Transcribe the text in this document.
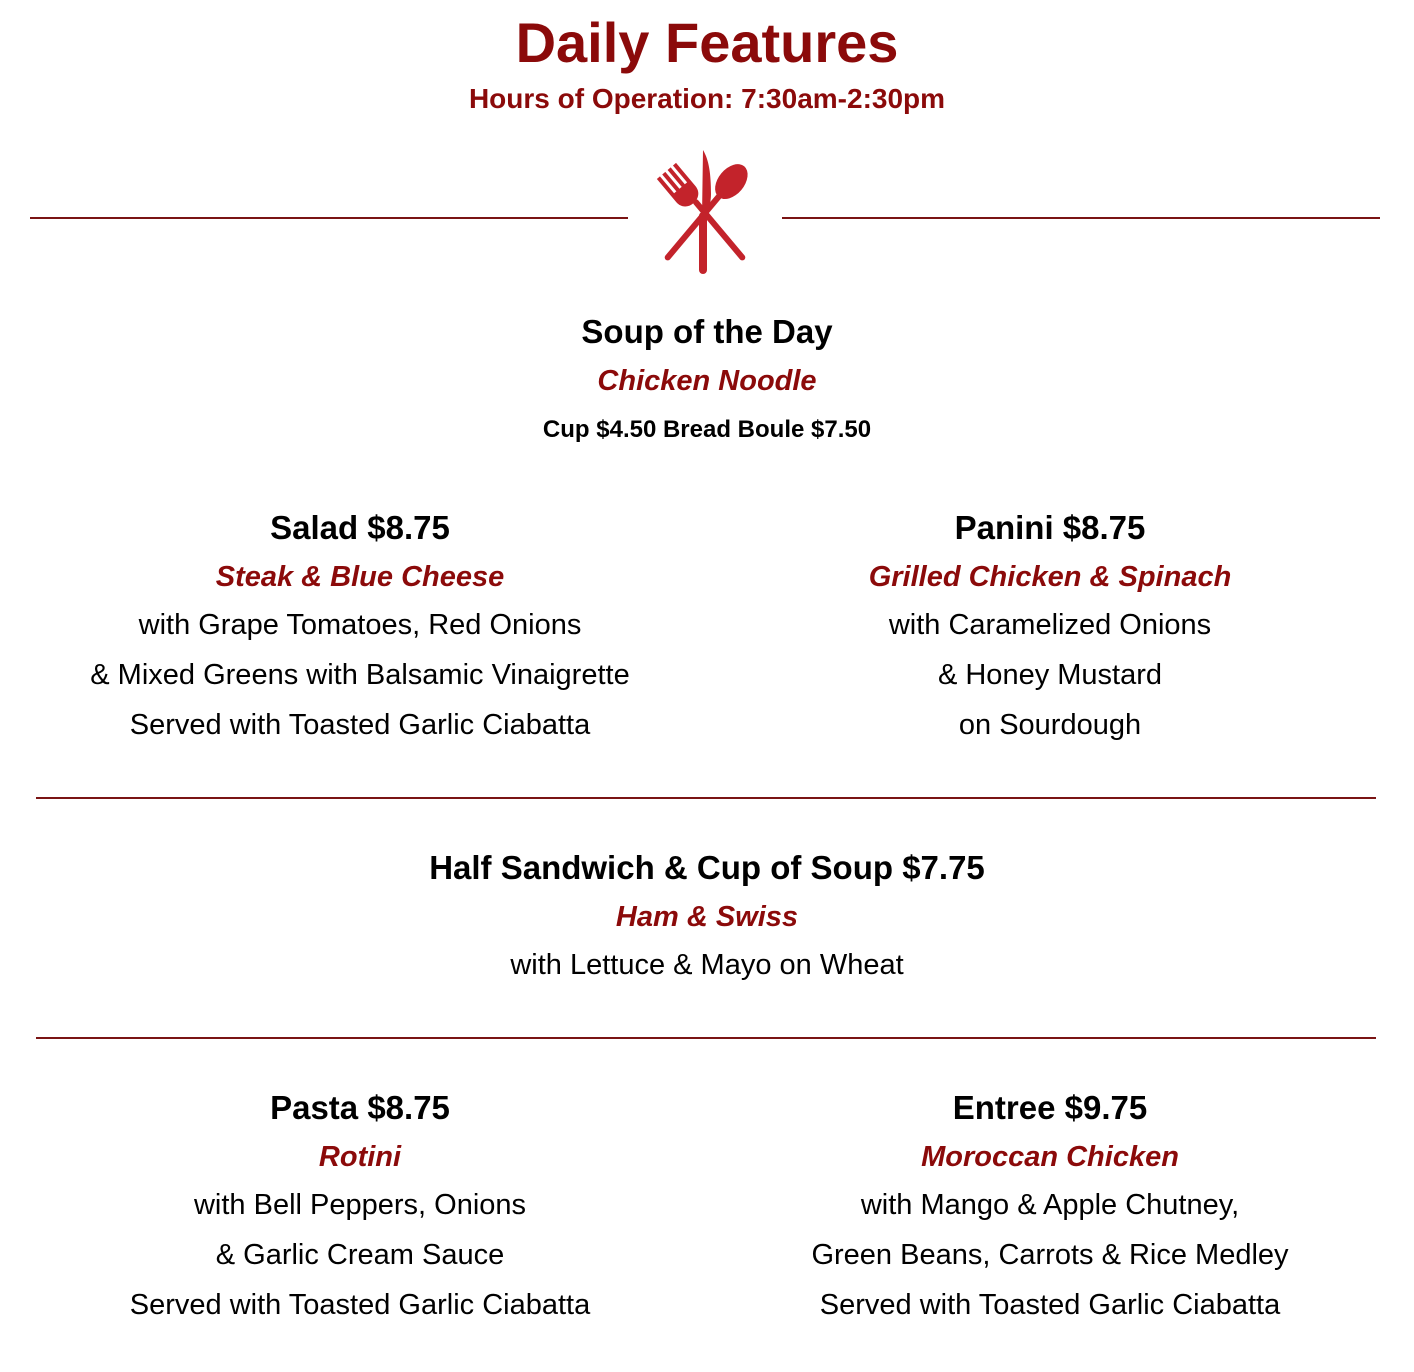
Daily Features
Hours of Operation: 7:30am-2:30pm
Soup of the Day
Chicken Noodle
Cup $4.50 Bread Boule $7.50
Salad $8.75
Steak & Blue Cheese
with Grape Tomatoes, Red Onions
& Mixed Greens with Balsamic Vinaigrette
Served with Toasted Garlic Ciabatta
Panini $8.75
Grilled Chicken & Spinach
with Caramelized Onions
& Honey Mustard
on Sourdough
Half Sandwich & Cup of Soup $7.75
Ham & Swiss
with Lettuce & Mayo on Wheat
Pasta $8.75
Rotini
with Bell Peppers, Onions
& Garlic Cream Sauce
Served with Toasted Garlic Ciabatta
Entree $9.75
Moroccan Chicken
with Mango & Apple Chutney,
Green Beans, Carrots & Rice Medley
Served with Toasted Garlic Ciabatta
